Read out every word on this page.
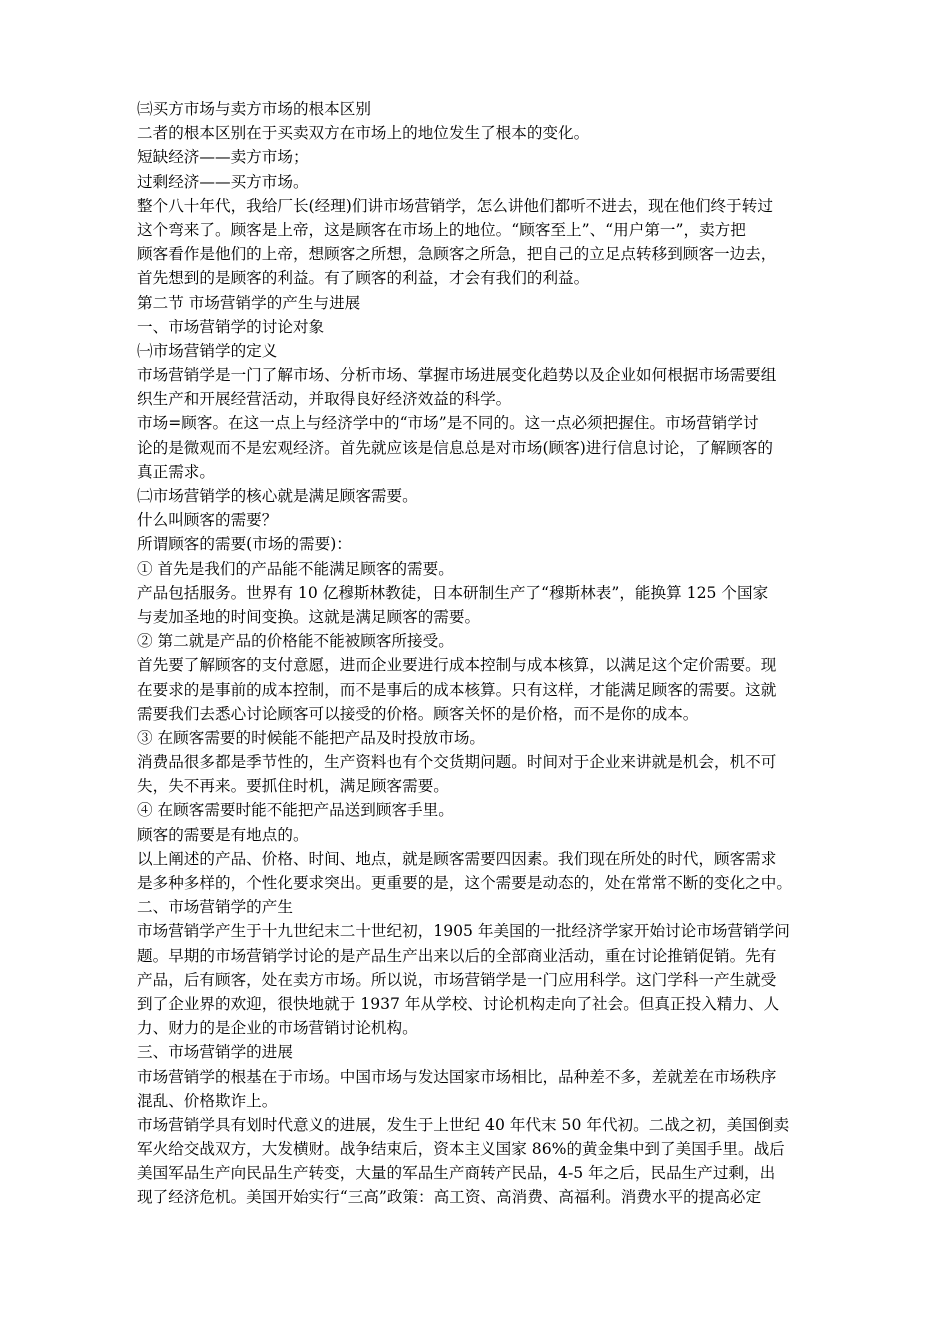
㈢买方市场与卖方市场的根本区别
二者的根本区别在于买卖双方在市场上的地位发生了根本的变化。
短缺经济——卖方市场；
过剩经济——买方市场。
整个八十年代，我给厂长(经理)们讲市场营销学，怎么讲他们都听不进去，现在他们终于转过
这个弯来了。顾客是上帝，这是顾客在市场上的地位。“顾客至上”、“用户第一”，卖方把
顾客看作是他们的上帝，想顾客之所想，急顾客之所急，把自己的立足点转移到顾客一边去，
首先想到的是顾客的利益。有了顾客的利益，才会有我们的利益。
第二节 市场营销学的产生与进展
一、市场营销学的讨论对象
㈠市场营销学的定义
市场营销学是一门了解市场、分析市场、掌握市场进展变化趋势以及企业如何根据市场需要组
织生产和开展经营活动，并取得良好经济效益的科学。
市场=顾客。在这一点上与经济学中的“市场”是不同的。这一点必须把握住。市场营销学讨
论的是微观而不是宏观经济。首先就应该是信息总是对市场(顾客)进行信息讨论，了解顾客的
真正需求。
㈡市场营销学的核心就是满足顾客需要。
什么叫顾客的需要？
所谓顾客的需要(市场的需要)：
① 首先是我们的产品能不能满足顾客的需要。
产品包括服务。世界有 10 亿穆斯林教徒，日本研制生产了“穆斯林表”，能换算 125 个国家
与麦加圣地的时间变换。这就是满足顾客的需要。
② 第二就是产品的价格能不能被顾客所接受。
首先要了解顾客的支付意愿，进而企业要进行成本控制与成本核算，以满足这个定价需要。现
在要求的是事前的成本控制，而不是事后的成本核算。只有这样，才能满足顾客的需要。这就
需要我们去悉心讨论顾客可以接受的价格。顾客关怀的是价格，而不是你的成本。
③ 在顾客需要的时候能不能把产品及时投放市场。
消费品很多都是季节性的，生产资料也有个交货期问题。时间对于企业来讲就是机会，机不可
失，失不再来。要抓住时机，满足顾客需要。
④ 在顾客需要时能不能把产品送到顾客手里。
顾客的需要是有地点的。
以上阐述的产品、价格、时间、地点，就是顾客需要四因素。我们现在所处的时代，顾客需求
是多种多样的，个性化要求突出。更重要的是，这个需要是动态的，处在常常不断的变化之中。
二、市场营销学的产生
市场营销学产生于十九世纪末二十世纪初，1905 年美国的一批经济学家开始讨论市场营销学问
题。早期的市场营销学讨论的是产品生产出来以后的全部商业活动，重在讨论推销促销。先有
产品，后有顾客，处在卖方市场。所以说，市场营销学是一门应用科学。这门学科一产生就受
到了企业界的欢迎，很快地就于 1937 年从学校、讨论机构走向了社会。但真正投入精力、人
力、财力的是企业的市场营销讨论机构。
三、市场营销学的进展
市场营销学的根基在于市场。中国市场与发达国家市场相比，品种差不多，差就差在市场秩序
混乱、价格欺诈上。
市场营销学具有划时代意义的进展，发生于上世纪 40 年代末 50 年代初。二战之初，美国倒卖
军火给交战双方，大发横财。战争结束后，资本主义国家 86%的黄金集中到了美国手里。战后
美国军品生产向民品生产转变，大量的军品生产商转产民品，4-5 年之后，民品生产过剩，出
现了经济危机。美国开始实行“三高”政策：高工资、高消费、高福利。消费水平的提高必定
